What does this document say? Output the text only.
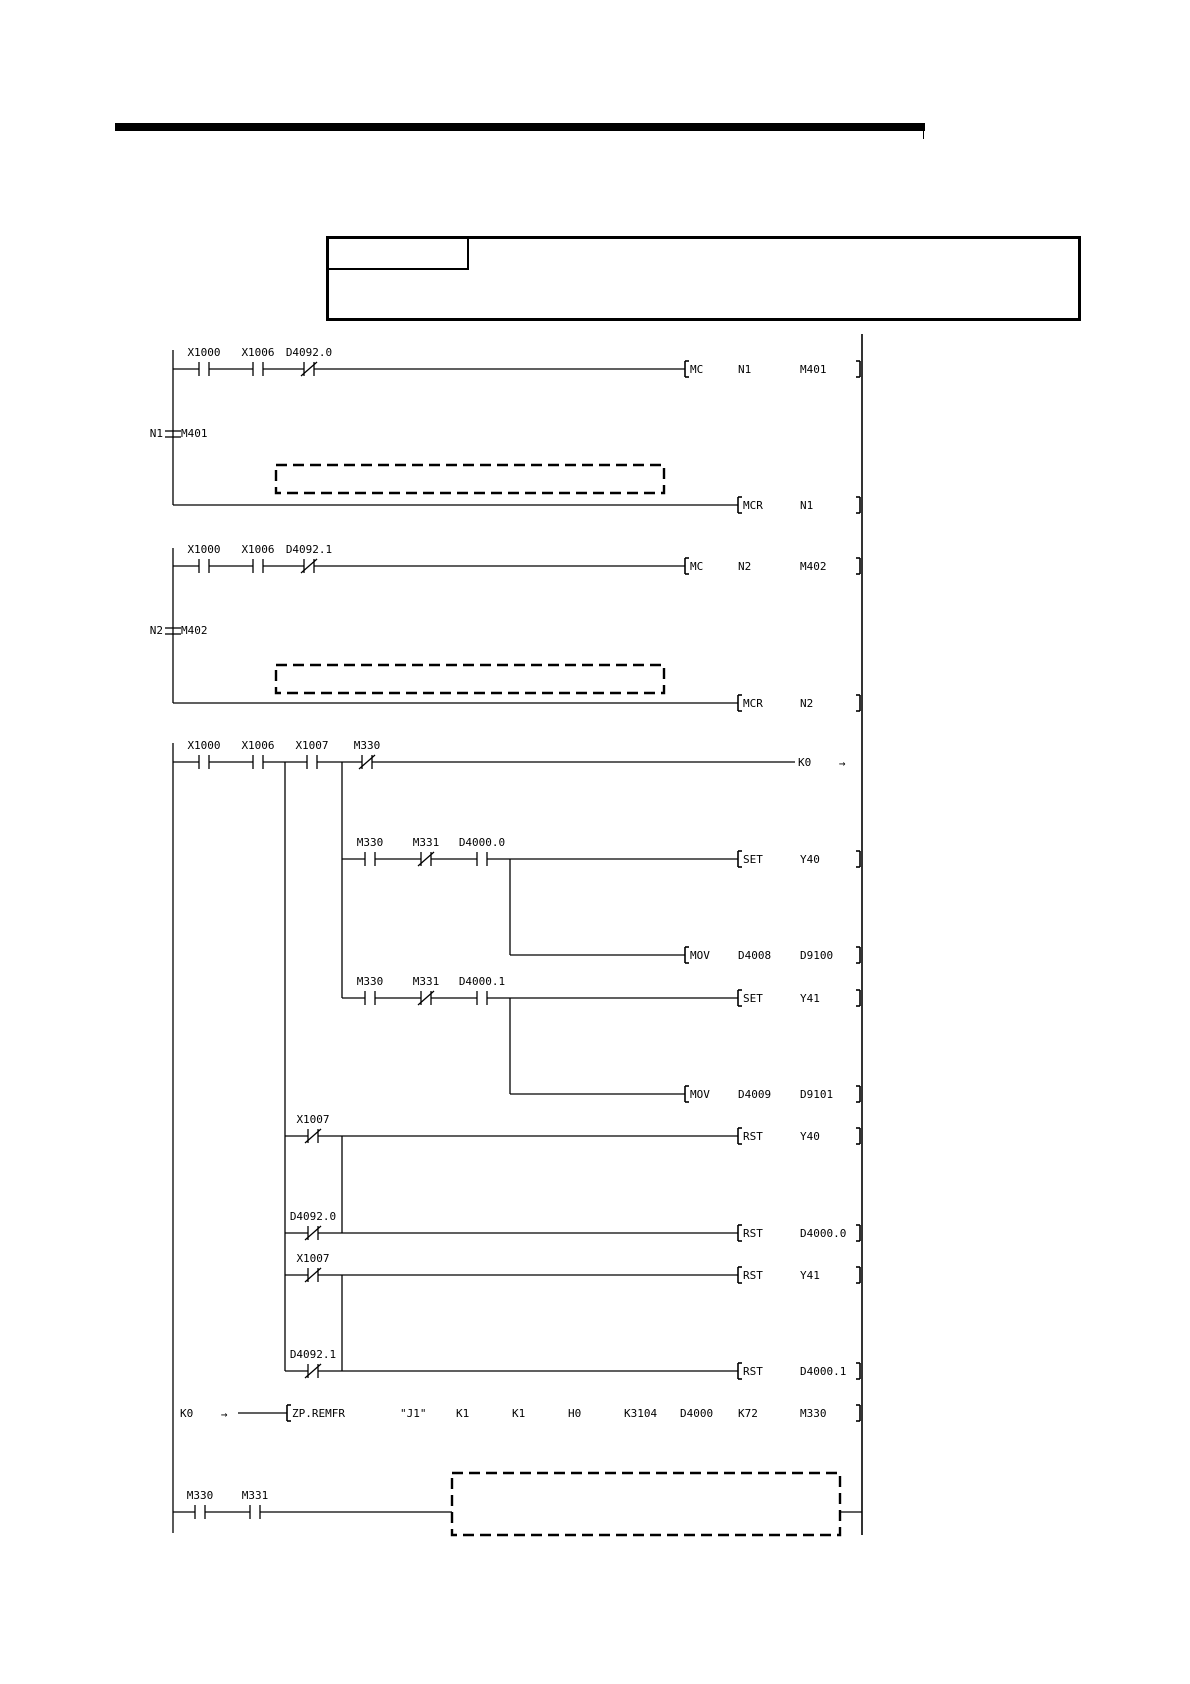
X1000 X1006 D4092.0
MC	N1	M401
N1 M401
MCR	N1
X1000 X1006 D4092.1
MC	N2	M402
N2 M402
MCR	N2
X1000 X1006 X1007 M330
K0 →
M330	M331 D4000.0
SET	Y40
MOV	D4008	D9100
M330	M331 D4000.1
SET	Y41
MOV	D4009	D9101
X1007
RST	Y40
D4092.0
RST	D4000.0
X1007
RST	Y41
D4092.1
RST	D4000.1
K0 →	ZP.REMFR	"J1"	K1	K1	H0	K3104 D4000 K72	M330
M330	M331
